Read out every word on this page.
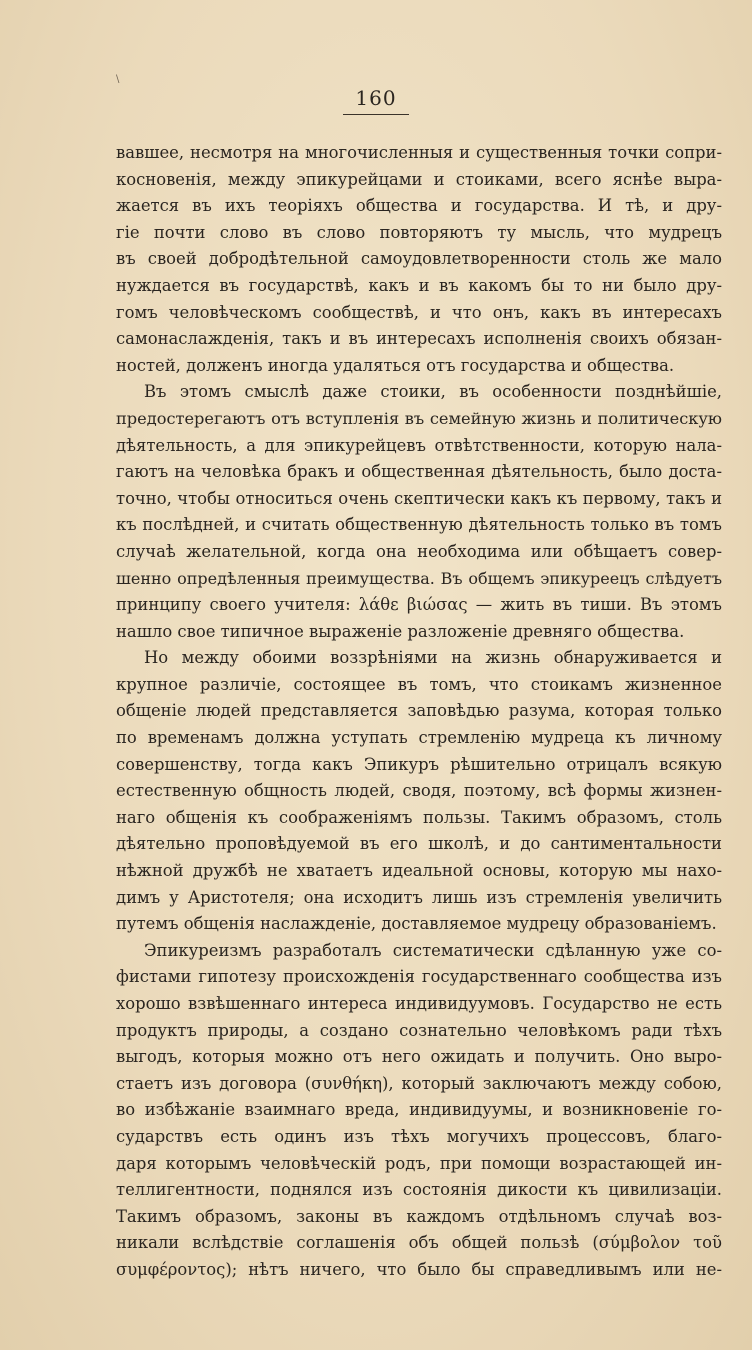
\
160
вавшее, несмотря на многочисленныя и существенныя точки сопри-
косновенія, между эпикурейцами и стоиками, всего яснѣе выра-
жается въ ихъ теоріяхъ общества и государства. И тѣ, и дру-
гіе почти слово въ слово повторяютъ ту мысль, что мудрецъ
въ своей добродѣтельной самоудовлетворенности столь же мало
нуждается въ государствѣ, какъ и въ какомъ бы то ни было дру-
гомъ человѣческомъ сообществѣ, и что онъ, какъ въ интересахъ
самонаслажденія, такъ и въ интересахъ исполненія своихъ обязан-
ностей, долженъ иногда удаляться отъ государства и общества.
Въ этомъ смыслѣ даже стоики, въ особенности позднѣйшіе,
предостерегаютъ отъ вступленія въ семейную жизнь и политическую
дѣятельность, а для эпикурейцевъ отвѣтственности, которую нала-
гаютъ на человѣка бракъ и общественная дѣятельность, было доста-
точно, чтобы относиться очень скептически какъ къ первому, такъ и
къ послѣдней, и считать общественную дѣятельность только въ томъ
случаѣ желательной, когда она необходима или обѣщаетъ совер-
шенно опредѣленныя преимущества. Въ общемъ эпикуреецъ слѣдуетъ
принципу своего учителя: λάθε βιώσας — жить въ тиши. Въ этомъ
нашло свое типичное выраженіе разложеніе древняго общества.
Но между обоими воззрѣніями на жизнь обнаруживается и
крупное различіе, состоящее въ томъ, что стоикамъ жизненное
общеніе людей представляется заповѣдью разума, которая только
по временамъ должна уступать стремленію мудреца къ личному
совершенству, тогда какъ Эпикуръ рѣшительно отрицалъ всякую
естественную общность людей, сводя, поэтому, всѣ формы жизнен-
наго общенія къ соображеніямъ пользы. Такимъ образомъ, столь
дѣятельно проповѣдуемой въ его школѣ, и до сантиментальности
нѣжной дружбѣ не хватаетъ идеальной основы, которую мы нахо-
димъ у Аристотеля; она исходитъ лишь изъ стремленія увеличить
путемъ общенія наслажденіе, доставляемое мудрецу образованіемъ.
Эпикуреизмъ разработалъ систематически сдѣланную уже со-
фистами гипотезу происхожденія государственнаго сообщества изъ
хорошо взвѣшеннаго интереса индивидуумовъ. Государство не есть
продуктъ природы, а создано сознательно человѣкомъ ради тѣхъ
выгодъ, которыя можно отъ него ожидать и получить. Оно выро-
стаетъ изъ договора (συνθήκη), который заключаютъ между собою,
во избѣжаніе взаимнаго вреда, индивидуумы, и возникновеніе го-
сударствъ есть одинъ изъ тѣхъ могучихъ процессовъ, благо-
даря которымъ человѣческій родъ, при помощи возрастающей ин-
теллигентности, поднялся изъ состоянія дикости къ цивилизаціи.
Такимъ образомъ, законы въ каждомъ отдѣльномъ случаѣ воз-
никали вслѣдствіе соглашенія объ общей пользѣ (σύμβολον τοῦ
συμφέροντος); нѣтъ ничего, что было бы справедливымъ или не-
